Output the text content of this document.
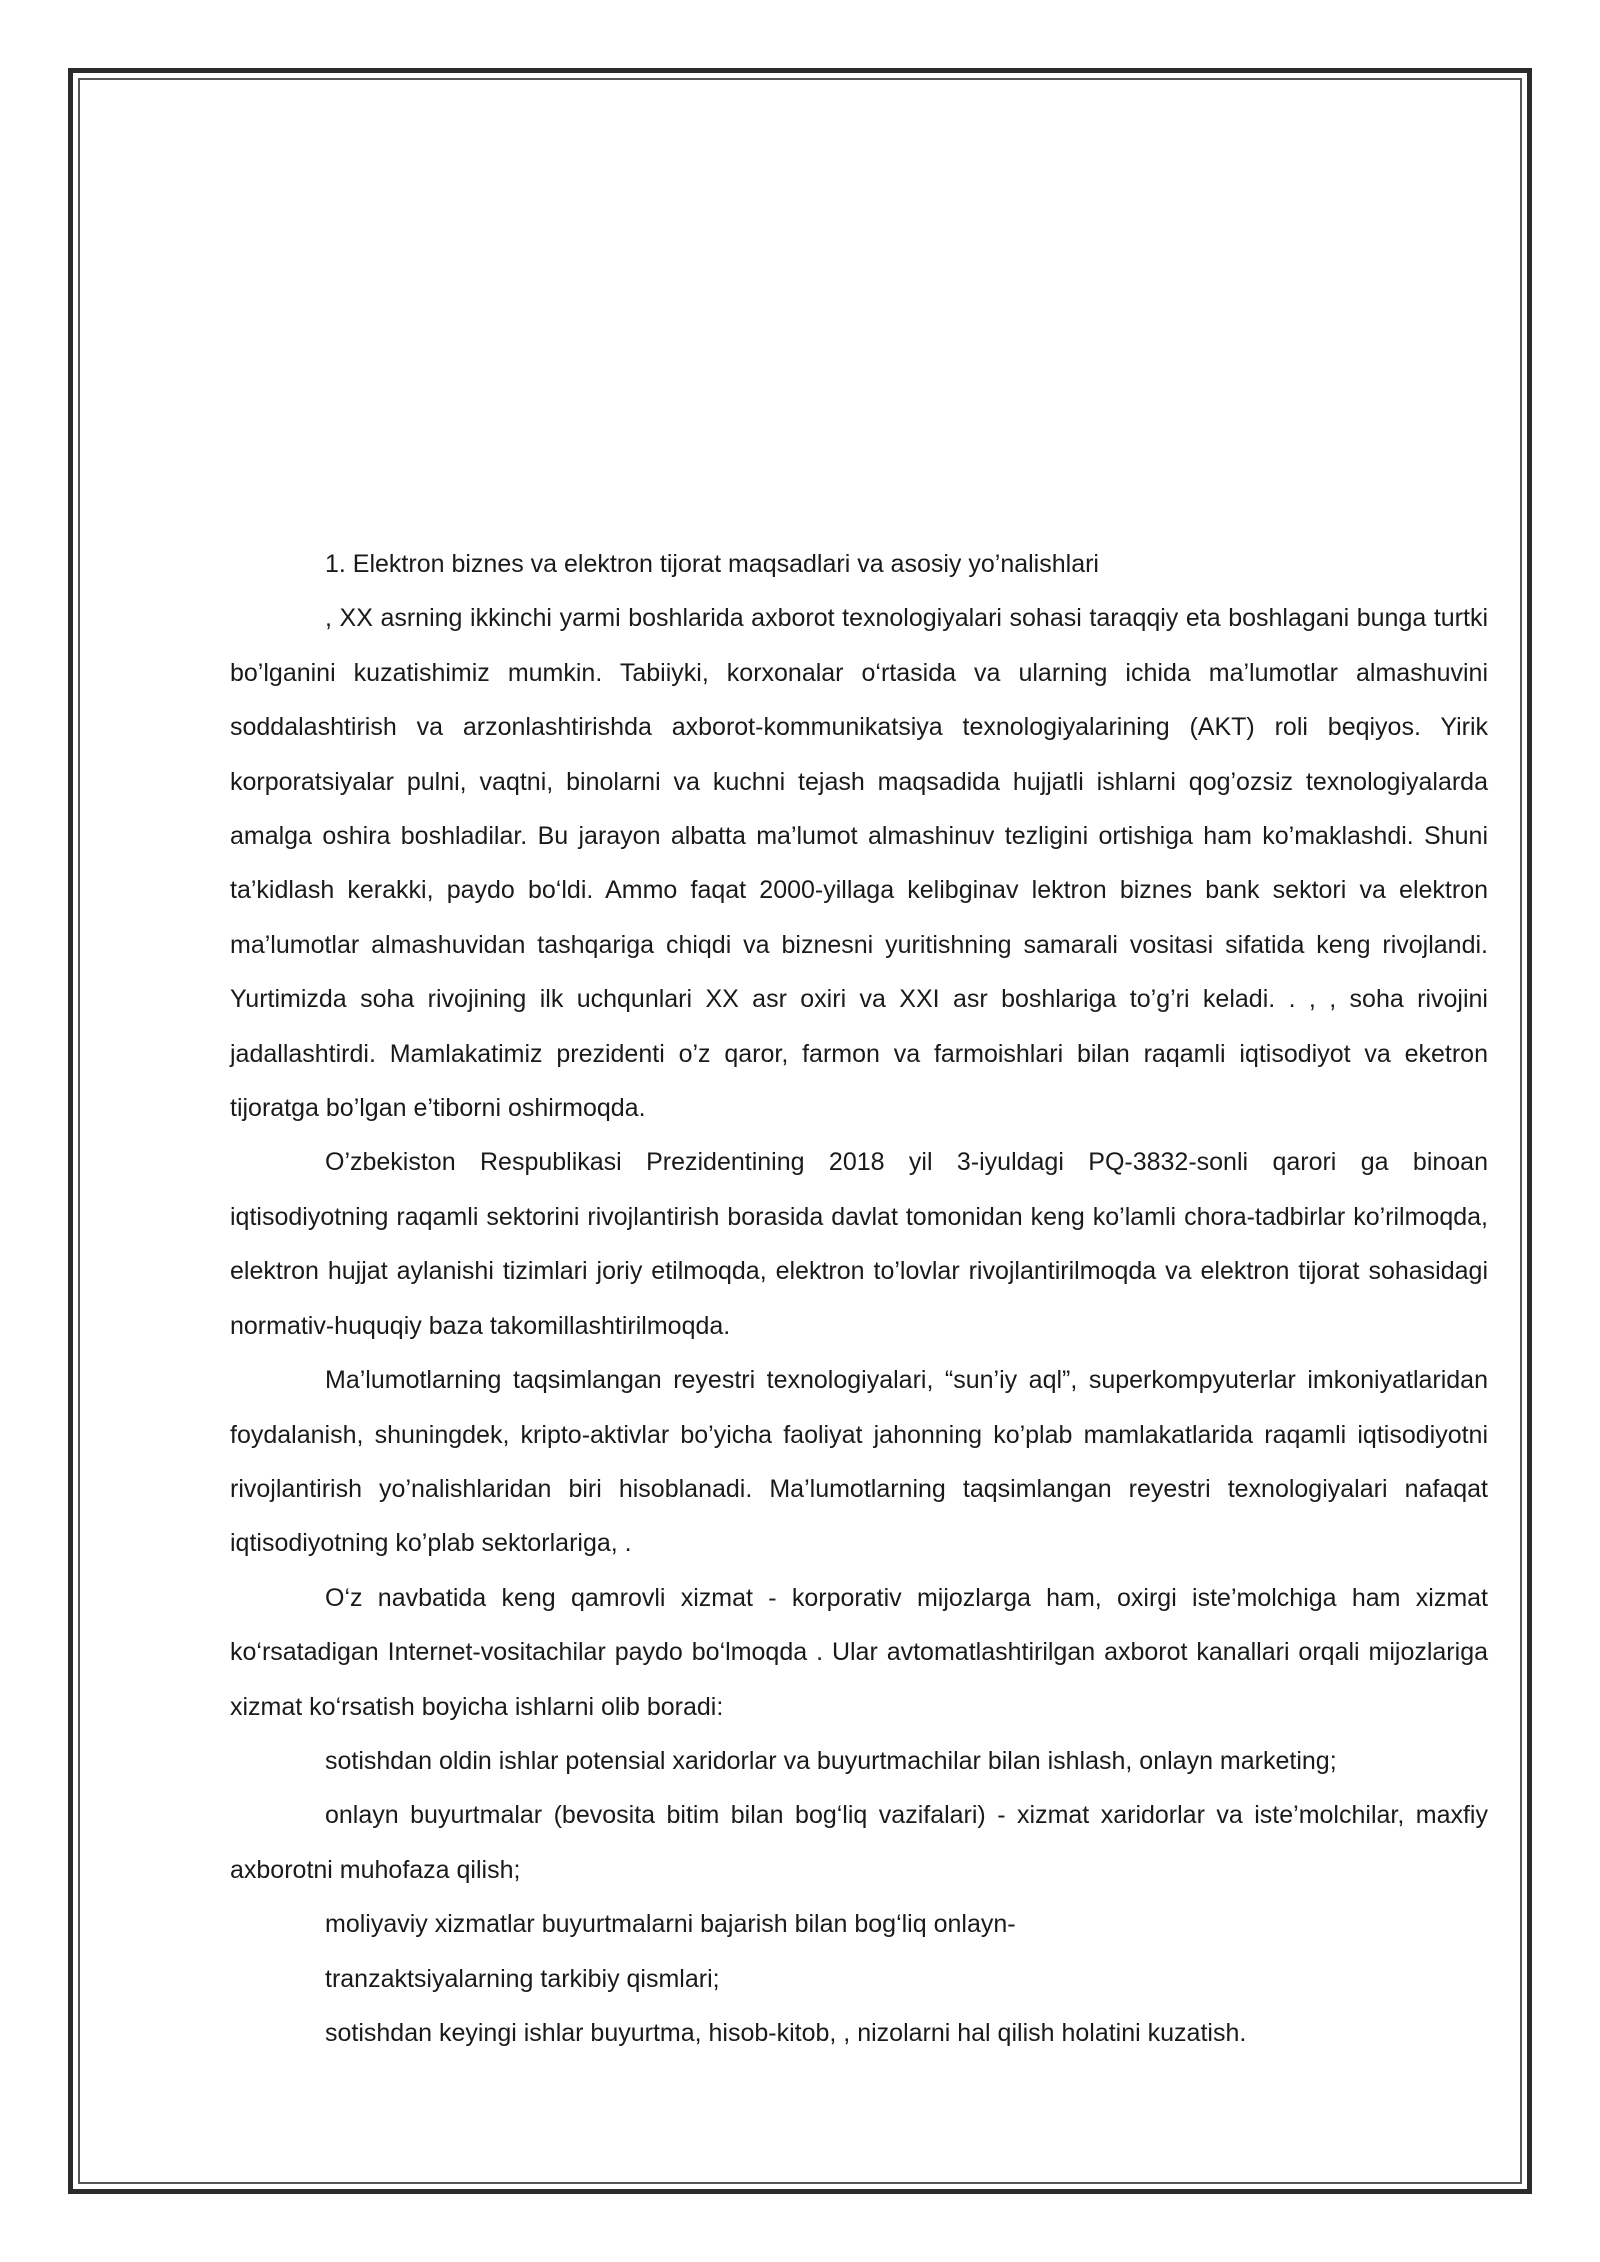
1. Elektron biznes va elektron tijorat maqsadlari va asosiy yo’nalishlari

, XX asrning ikkinchi yarmi boshlarida axborot texnologiyalari sohasi taraqqiy eta boshlagani bunga turtki bo’lganini kuzatishimiz mumkin. Tabiiyki, korxonalar o‘rtasida va ularning ichida ma’lumotlar almashuvini soddalashtirish va arzonlashtirishda axborot-kommunikatsiya texnologiyalarining (AKT) roli beqiyos. Yirik korporatsiyalar pulni, vaqtni, binolarni va kuchni tejash maqsadida hujjatli ishlarni qog’ozsiz texnologiyalarda amalga oshira boshladilar. Bu jarayon albatta ma’lumot almashinuv tezligini ortishiga ham ko’maklashdi. Shuni ta’kidlash kerakki, paydo bo‘ldi. Ammo faqat 2000-yillaga kelibginav lektron biznes bank sektori va elektron ma’lumotlar almashuvidan tashqariga chiqdi va biznesni yuritishning samarali vositasi sifatida keng rivojlandi. Yurtimizda soha rivojining ilk uchqunlari XX asr oxiri va XXI asr boshlariga to’g’ri keladi. . , , soha rivojini jadallashtirdi. Mamlakatimiz prezidenti o’z qaror, farmon va farmoishlari bilan raqamli iqtisodiyot va eketron tijoratga bo’lgan e’tiborni oshirmoqda.

O’zbekiston Respublikasi Prezidentining 2018 yil 3-iyuldagi PQ-3832-sonli qarori ga binoan iqtisodiyotning raqamli sektorini rivojlantirish borasida davlat tomonidan keng ko’lamli chora-tadbirlar ko’rilmoqda, elektron hujjat aylanishi tizimlari joriy etilmoqda, elektron to’lovlar rivojlantirilmoqda va elektron tijorat sohasidagi normativ-huquqiy baza takomillashtirilmoqda.

Ma’lumotlarning taqsimlangan reyestri texnologiyalari, “sun’iy aql”, superkompyuterlar imkoniyatlaridan foydalanish, shuningdek, kripto-aktivlar bo’yicha faoliyat jahonning ko’plab mamlakatlarida raqamli iqtisodiyotni rivojlantirish yo’nalishlaridan biri hisoblanadi. Ma’lumotlarning taqsimlangan reyestri texnologiyalari nafaqat iqtisodiyotning ko’plab sektorlariga, .

O‘z navbatida keng qamrovli xizmat - korporativ mijozlarga ham, oxirgi iste’molchiga ham xizmat ko‘rsatadigan Internet-vositachilar paydo bo‘lmoqda . Ular avtomatlashtirilgan axborot kanallari orqali mijozlariga xizmat ko‘rsatish boyicha ishlarni olib boradi:

sotishdan oldin ishlar potensial xaridorlar va buyurtmachilar bilan ishlash, onlayn marketing;

onlayn buyurtmalar (bevosita bitim bilan bog‘liq vazifalari) - xizmat xaridorlar va iste’molchilar, maxfiy axborotni muhofaza qilish;

moliyaviy xizmatlar buyurtmalarni bajarish bilan bog‘liq onlayn-

tranzaktsiyalarning tarkibiy qismlari;

sotishdan keyingi ishlar buyurtma, hisob-kitob, , nizolarni hal qilish holatini kuzatish.
